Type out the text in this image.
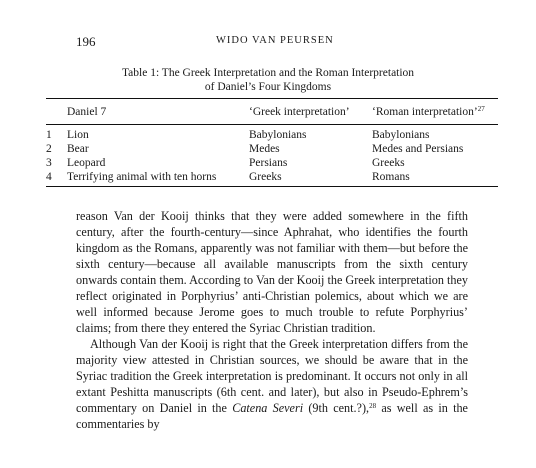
196	WIDO VAN PEURSEN
Table 1: The Greek Interpretation and the Roman Interpretation
of Daniel’s Four Kingdoms
Daniel 7	‘Greek interpretation’ ‘Roman interpretation’$^{27}$
1 Lion	Babylonians	Babylonians
2 Bear	Medes	Medes and Persians
3 Leopard	Persians	Greeks
4 Terrifying animal with ten horns	Greeks	Romans

reason Van der Kooij thinks that they were added somewhere in the fifth century, after the fourth-century—since Aphrahat, who identifies the fourth kingdom as the Romans, apparently was not familiar with them—but before the sixth century—because all available manuscripts from the sixth century onwards contain them. According to Van der Kooij the Greek interpretation they reflect originated in Porphyrius’ anti-Christian polemics, about which we are well informed because Jerome goes to much trouble to refute Porphyrius’ claims; from there they entered the Syriac Christian tradition.

Although Van der Kooij is right that the Greek interpretation differs from the majority view attested in Christian sources, we should be aware that in the Syriac tradition the Greek interpretation is predominant. It occurs not only in all extant Peshitta manuscripts (6th cent. and later), but also in Pseudo-Ephrem’s commentary on Daniel in the Catena Severi (9th cent.?),$^{28}$ as well as in the commentaries by
